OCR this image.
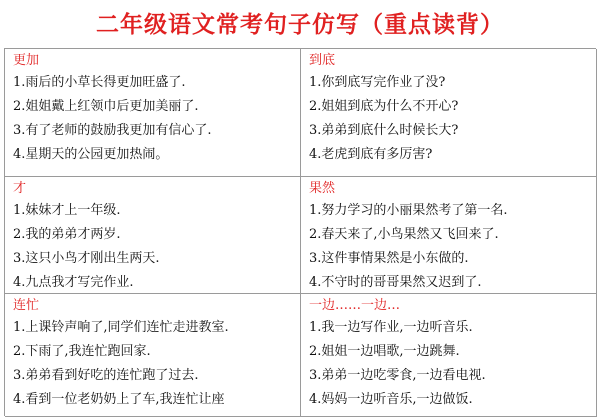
二年级语文常考句子仿写（重点读背）
更加
1.雨后的小草长得更加旺盛了.
2.姐姐戴上红领巾后更加美丽了.
3.有了老师的鼓励我更加有信心了.
4.星期天的公园更加热闹。
到底
1.你到底写完作业了没?
2.姐姐到底为什么不开心?
3.弟弟到底什么时候长大?
4.老虎到底有多厉害?
才
1.妹妹才上一年级.
2.我的弟弟才两岁.
3.这只小鸟才刚出生两天.
4.九点我才写完作业.
果然
1.努力学习的小丽果然考了第一名.
2.春天来了,小鸟果然又飞回来了.
3.这件事情果然是小东做的.
4.不守时的哥哥果然又迟到了.
连忙
1.上课铃声响了,同学们连忙走进教室.
2.下雨了,我连忙跑回家.
3.弟弟看到好吃的连忙跑了过去.
4.看到一位老奶奶上了车,我连忙让座
一边……一边…
1.我一边写作业,一边听音乐.
2.姐姐一边唱歌,一边跳舞.
3.弟弟一边吃零食,一边看电视.
4.妈妈一边听音乐,一边做饭.
